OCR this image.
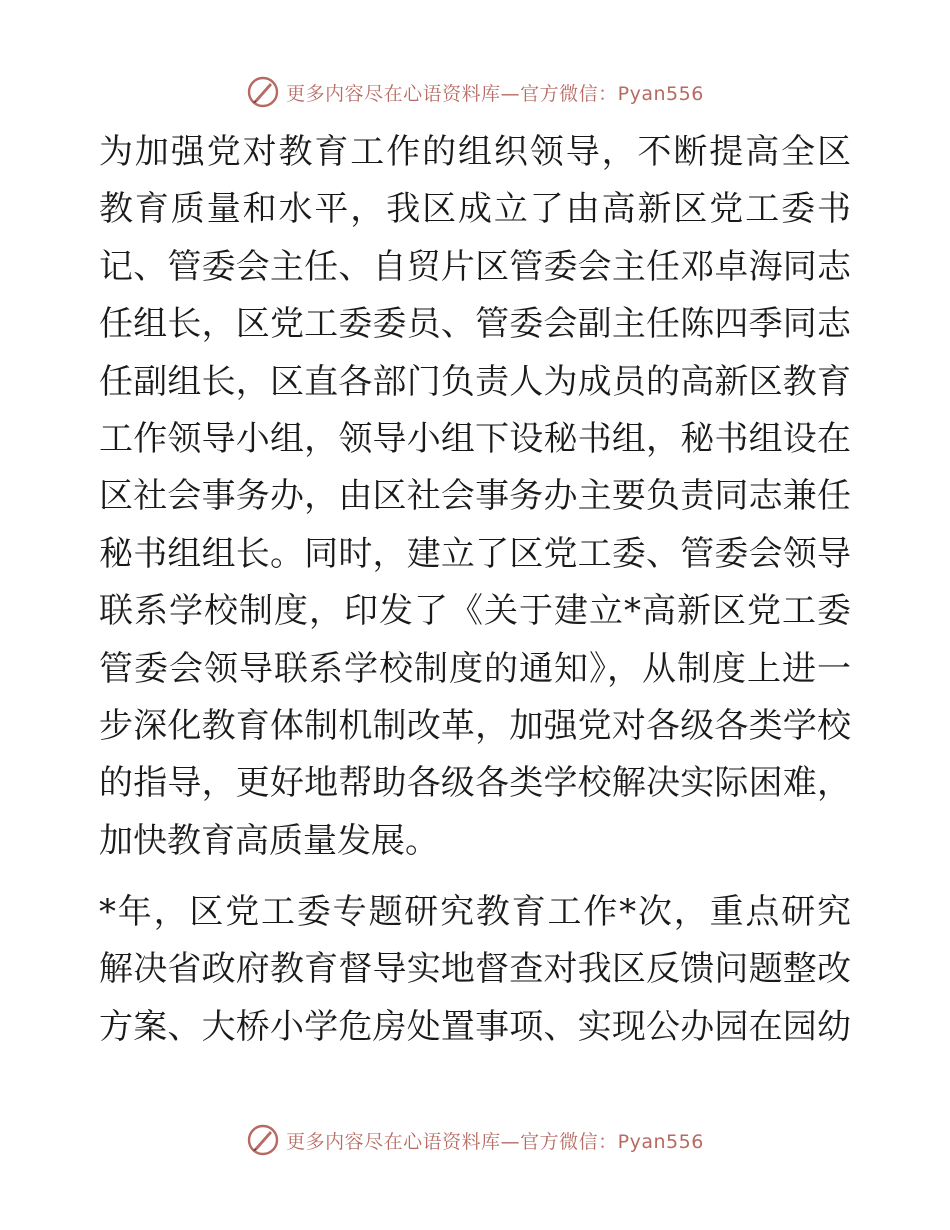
更多内容尽在心语资料库—官方微信：Pyan556
为加强党对教育工作的组织领导，不断提高全区
教育质量和水平，我区成立了由高新区党工委书
记、管委会主任、自贸片区管委会主任邓卓海同志
任组长，区党工委委员、管委会副主任陈四季同志
任副组长，区直各部门负责人为成员的高新区教育
工作领导小组，领导小组下设秘书组，秘书组设在
区社会事务办，由区社会事务办主要负责同志兼任
秘书组组长。同时，建立了区党工委、管委会领导
联系学校制度，印发了《关于建立*高新区党工委
管委会领导联系学校制度的通知》，从制度上进一
步深化教育体制机制改革，加强党对各级各类学校
的指导，更好地帮助各级各类学校解决实际困难，
加快教育高质量发展。
*年，区党工委专题研究教育工作*次，重点研究
解决省政府教育督导实地督查对我区反馈问题整改
方案、大桥小学危房处置事项、实现公办园在园幼
更多内容尽在心语资料库—官方微信：Pyan556
